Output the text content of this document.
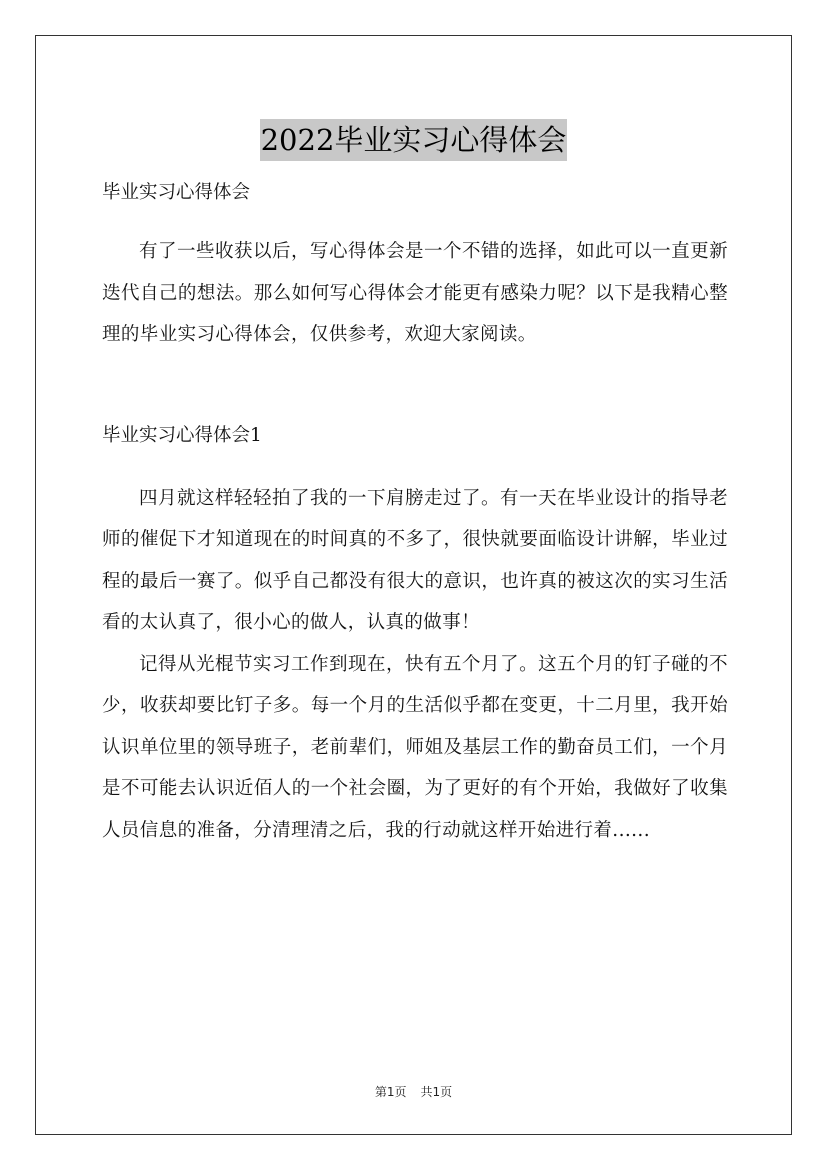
2022毕业实习心得体会

毕业实习心得体会

有了一些收获以后，写心得体会是一个不错的选择，如此可以一直更新迭代自己的想法。那么如何写心得体会才能更有感染力呢？以下是我精心整理的毕业实习心得体会，仅供参考，欢迎大家阅读。

毕业实习心得体会1

四月就这样轻轻拍了我的一下肩膀走过了。有一天在毕业设计的指导老师的催促下才知道现在的时间真的不多了，很快就要面临设计讲解，毕业过程的最后一赛了。似乎自己都没有很大的意识，也许真的被这次的实习生活看的太认真了，很小心的做人，认真的做事！

记得从光棍节实习工作到现在，快有五个月了。这五个月的钉子碰的不少，收获却要比钉子多。每一个月的生活似乎都在变更，十二月里，我开始认识单位里的领导班子，老前辈们，师姐及基层工作的勤奋员工们，一个月是不可能去认识近佰人的一个社会圈，为了更好的有个开始，我做好了收集人员信息的准备，分清理清之后，我的行动就这样开始进行着......

第1页 共1页
